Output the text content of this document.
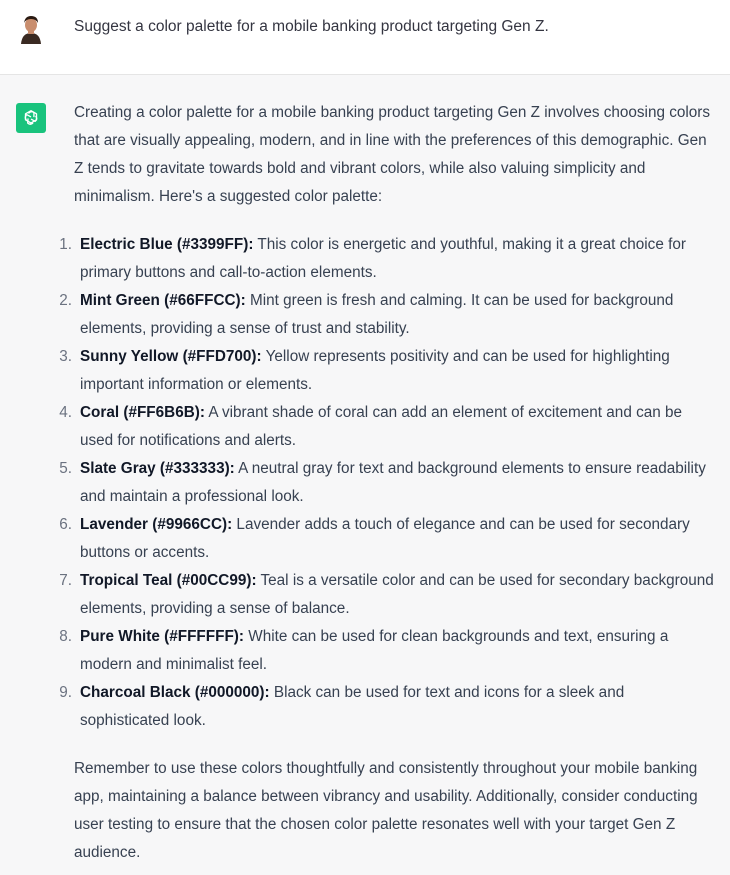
Suggest a color palette for a mobile banking product targeting Gen Z.

Creating a color palette for a mobile banking product targeting Gen Z involves choosing colors that are visually appealing, modern, and in line with the preferences of this demographic. Gen Z tends to gravitate towards bold and vibrant colors, while also valuing simplicity and minimalism. Here's a suggested color palette:

1. Electric Blue (#3399FF): This color is energetic and youthful, making it a great choice for primary buttons and call-to-action elements.
2. Mint Green (#66FFCC): Mint green is fresh and calming. It can be used for background elements, providing a sense of trust and stability.
3. Sunny Yellow (#FFD700): Yellow represents positivity and can be used for highlighting important information or elements.
4. Coral (#FF6B6B): A vibrant shade of coral can add an element of excitement and can be used for notifications and alerts.
5. Slate Gray (#333333): A neutral gray for text and background elements to ensure readability and maintain a professional look.
6. Lavender (#9966CC): Lavender adds a touch of elegance and can be used for secondary buttons or accents.
7. Tropical Teal (#00CC99): Teal is a versatile color and can be used for secondary background elements, providing a sense of balance.
8. Pure White (#FFFFFF): White can be used for clean backgrounds and text, ensuring a modern and minimalist feel.
9. Charcoal Black (#000000): Black can be used for text and icons for a sleek and sophisticated look.

Remember to use these colors thoughtfully and consistently throughout your mobile banking app, maintaining a balance between vibrancy and usability. Additionally, consider conducting user testing to ensure that the chosen color palette resonates well with your target Gen Z audience.
